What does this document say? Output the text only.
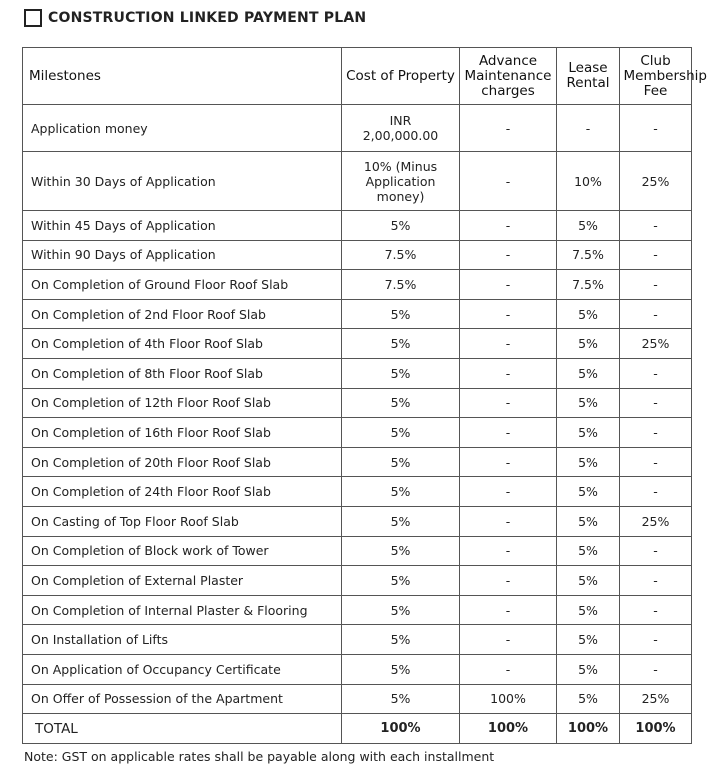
CONSTRUCTION LINKED PAYMENT PLAN
Milestones	Cost of Property	Advance Maintenance charges	Lease Rental	Club Membership Fee
Application money	INR 2,00,000.00	-	-	-
Within 30 Days of Application	10% (Minus Application money)	-	10%	25%
Within 45 Days of Application	5%	-	5%	-
Within 90 Days of Application	7.5%	-	7.5%	-
On Completion of Ground Floor Roof Slab	7.5%	-	7.5%	-
On Completion of 2nd Floor Roof Slab	5%	-	5%	-
On Completion of 4th Floor Roof Slab	5%	-	5%	25%
On Completion of 8th Floor Roof Slab	5%	-	5%	-
On Completion of 12th Floor Roof Slab	5%	-	5%	-
On Completion of 16th Floor Roof Slab	5%	-	5%	-
On Completion of 20th Floor Roof Slab	5%	-	5%	-
On Completion of 24th Floor Roof Slab	5%	-	5%	-
On Casting of Top Floor Roof Slab	5%	-	5%	25%
On Completion of Block work of Tower	5%	-	5%	-
On Completion of External Plaster	5%	-	5%	-
On Completion of Internal Plaster & Flooring	5%	-	5%	-
On Installation of Lifts	5%	-	5%	-
On Application of Occupancy Certificate	5%	-	5%	-
On Offer of Possession of the Apartment	5%	100%	5%	25%
TOTAL	100%	100%	100%	100%
Note: GST on applicable rates shall be payable along with each installment
